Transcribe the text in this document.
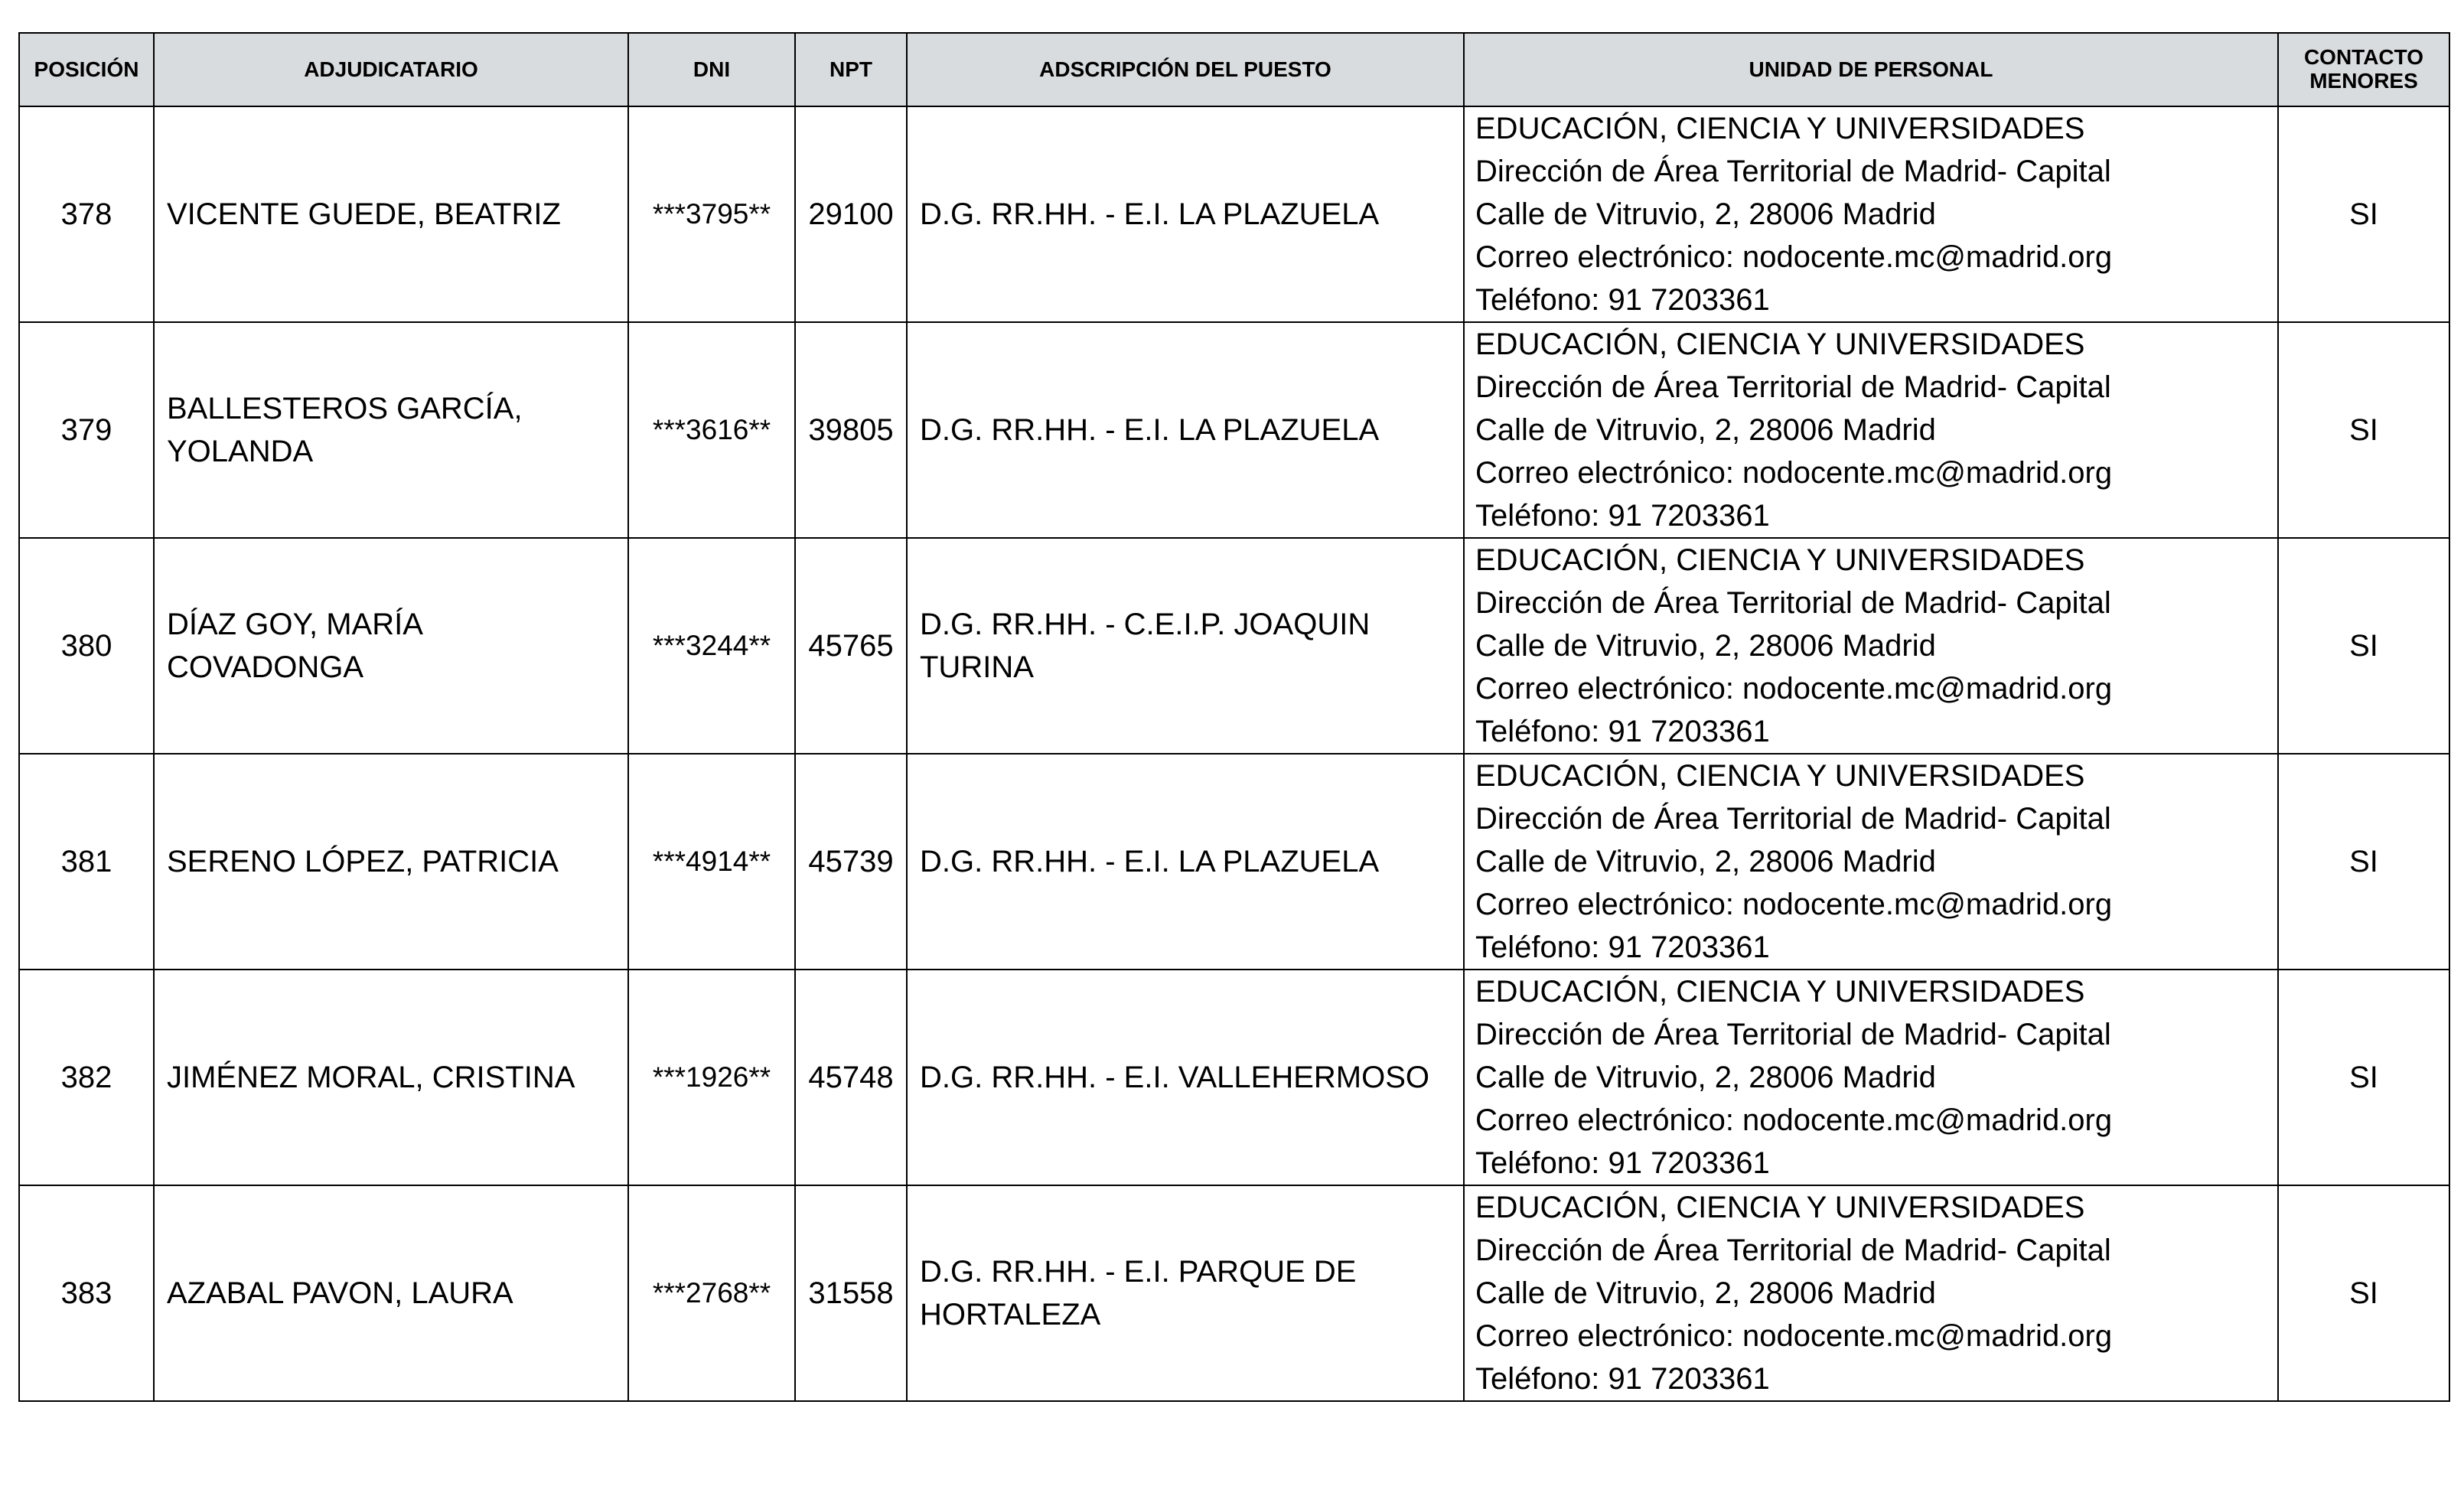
POSICIÓN	ADJUDICATARIO	DNI	NPT	ADSCRIPCIÓN DEL PUESTO	UNIDAD DE PERSONAL	CONTACTO
MENORES
378	VICENTE GUEDE, BEATRIZ	***3795**	29100	D.G. RR.HH. - E.I. LA PLAZUELA	EDUCACIÓN, CIENCIA Y UNIVERSIDADES
Dirección de Área Territorial de Madrid- Capital
Calle de Vitruvio, 2, 28006 Madrid
Correo electrónico: nodocente.mc@madrid.org
Teléfono: 91 7203361	SI
379	BALLESTEROS GARCÍA, YOLANDA	***3616**	39805	D.G. RR.HH. - E.I. LA PLAZUELA	EDUCACIÓN, CIENCIA Y UNIVERSIDADES
Dirección de Área Territorial de Madrid- Capital
Calle de Vitruvio, 2, 28006 Madrid
Correo electrónico: nodocente.mc@madrid.org
Teléfono: 91 7203361	SI
380	DÍAZ GOY, MARÍA COVADONGA	***3244**	45765	D.G. RR.HH. - C.E.I.P. JOAQUIN TURINA	EDUCACIÓN, CIENCIA Y UNIVERSIDADES
Dirección de Área Territorial de Madrid- Capital
Calle de Vitruvio, 2, 28006 Madrid
Correo electrónico: nodocente.mc@madrid.org
Teléfono: 91 7203361	SI
381	SERENO LÓPEZ, PATRICIA	***4914**	45739	D.G. RR.HH. - E.I. LA PLAZUELA	EDUCACIÓN, CIENCIA Y UNIVERSIDADES
Dirección de Área Territorial de Madrid- Capital
Calle de Vitruvio, 2, 28006 Madrid
Correo electrónico: nodocente.mc@madrid.org
Teléfono: 91 7203361	SI
382	JIMÉNEZ MORAL, CRISTINA	***1926**	45748	D.G. RR.HH. - E.I. VALLEHERMOSO	EDUCACIÓN, CIENCIA Y UNIVERSIDADES
Dirección de Área Territorial de Madrid- Capital
Calle de Vitruvio, 2, 28006 Madrid
Correo electrónico: nodocente.mc@madrid.org
Teléfono: 91 7203361	SI
383	AZABAL PAVON, LAURA	***2768**	31558	D.G. RR.HH. - E.I. PARQUE DE HORTALEZA	EDUCACIÓN, CIENCIA Y UNIVERSIDADES
Dirección de Área Territorial de Madrid- Capital
Calle de Vitruvio, 2, 28006 Madrid
Correo electrónico: nodocente.mc@madrid.org
Teléfono: 91 7203361	SI
